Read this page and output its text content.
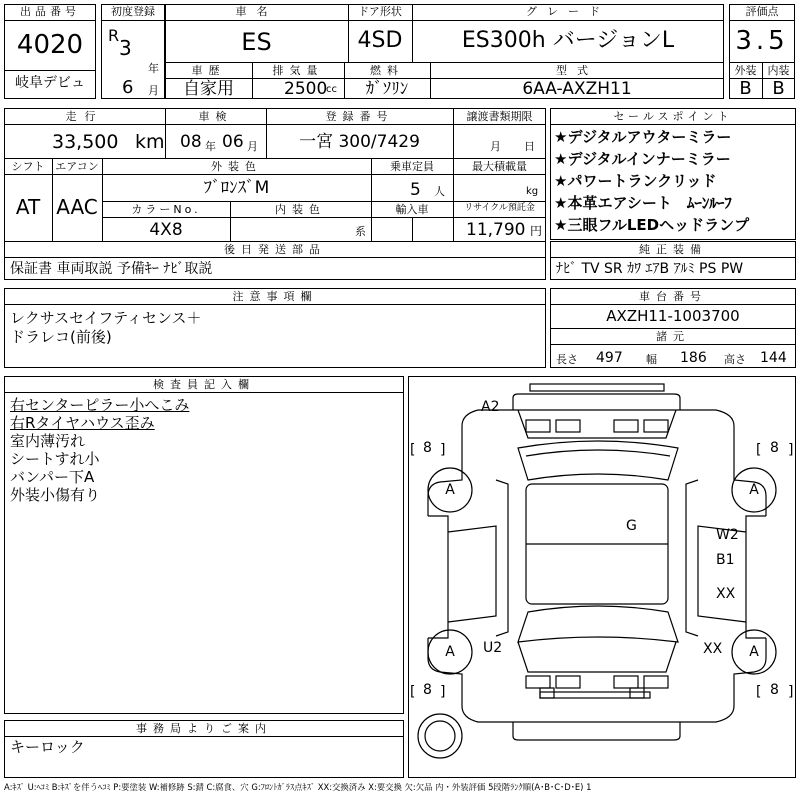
出品番号
4020
岐阜デビュ
初度登録
R
3
年
6 月
車名
ES
ドア形状
4SD
グレード
ES300h バージョンL
車歴
自家用
排気量
2500
cc
燃料
ｶﾞｿﾘﾝ
型式
6AA-AXZH11
評価点
3.5
外装	内装
B	B
走行
33,500 km
車検
08 年 06 月
登録番号
一宮 300/7429
譲渡書類期限
月 日
シフト
AT
エアコン
AAC
外装色
ﾌﾞﾛﾝｽﾞM
乗車定員
5 人
最大積載量
kg
カラーNo.
4X8
内装色
系
輸入車	リサイクル預託金
11,790 円
後日発送部品
保証書 車両取説 予備ｷｰ ﾅﾋﾞ取説
セールスポイント
★デジタルアウターミラー
★デジタルインナーミラー
★パワートランクリッド
★本革エアシート　ﾑｰﾝﾙｰﾌ
★三眼フルLEDヘッドランプ
純正装備
ﾅﾋﾞ TV SR ｶﾜ ｴｱB ｱﾙﾐ PS PW
注意事項欄
レクサスセイフティセンス＋
ドラレコ(前後)
車台番号
AXZH11-1003700
諸元
長さ 497 幅 186 高さ 144
検査員記入欄
右センターピラー小へこみ
右Rタイヤハウス歪み
室内薄汚れ
シートすれ小
バンパー下A
外装小傷有り
事務局よりご案内
キーロック
[ ]	[ ]
[ ]	[ ]
8	8
8	8
A2
G
W2
B1
XX
XX
U2
A	A
A	A
A:ｷｽﾞ U:ﾍｺﾐ B:ｷｽﾞを伴うﾍｺﾐ P:要塗装 W:補修跡 S:錆 C:腐食、穴 G:ﾌﾛﾝﾄｶﾞﾗｽ点ｷｽﾞ XX:交換済み X:要交換 欠:欠品 内・外装評価 5段階ﾗﾝｸ順(A･B･C･D･E) 1
